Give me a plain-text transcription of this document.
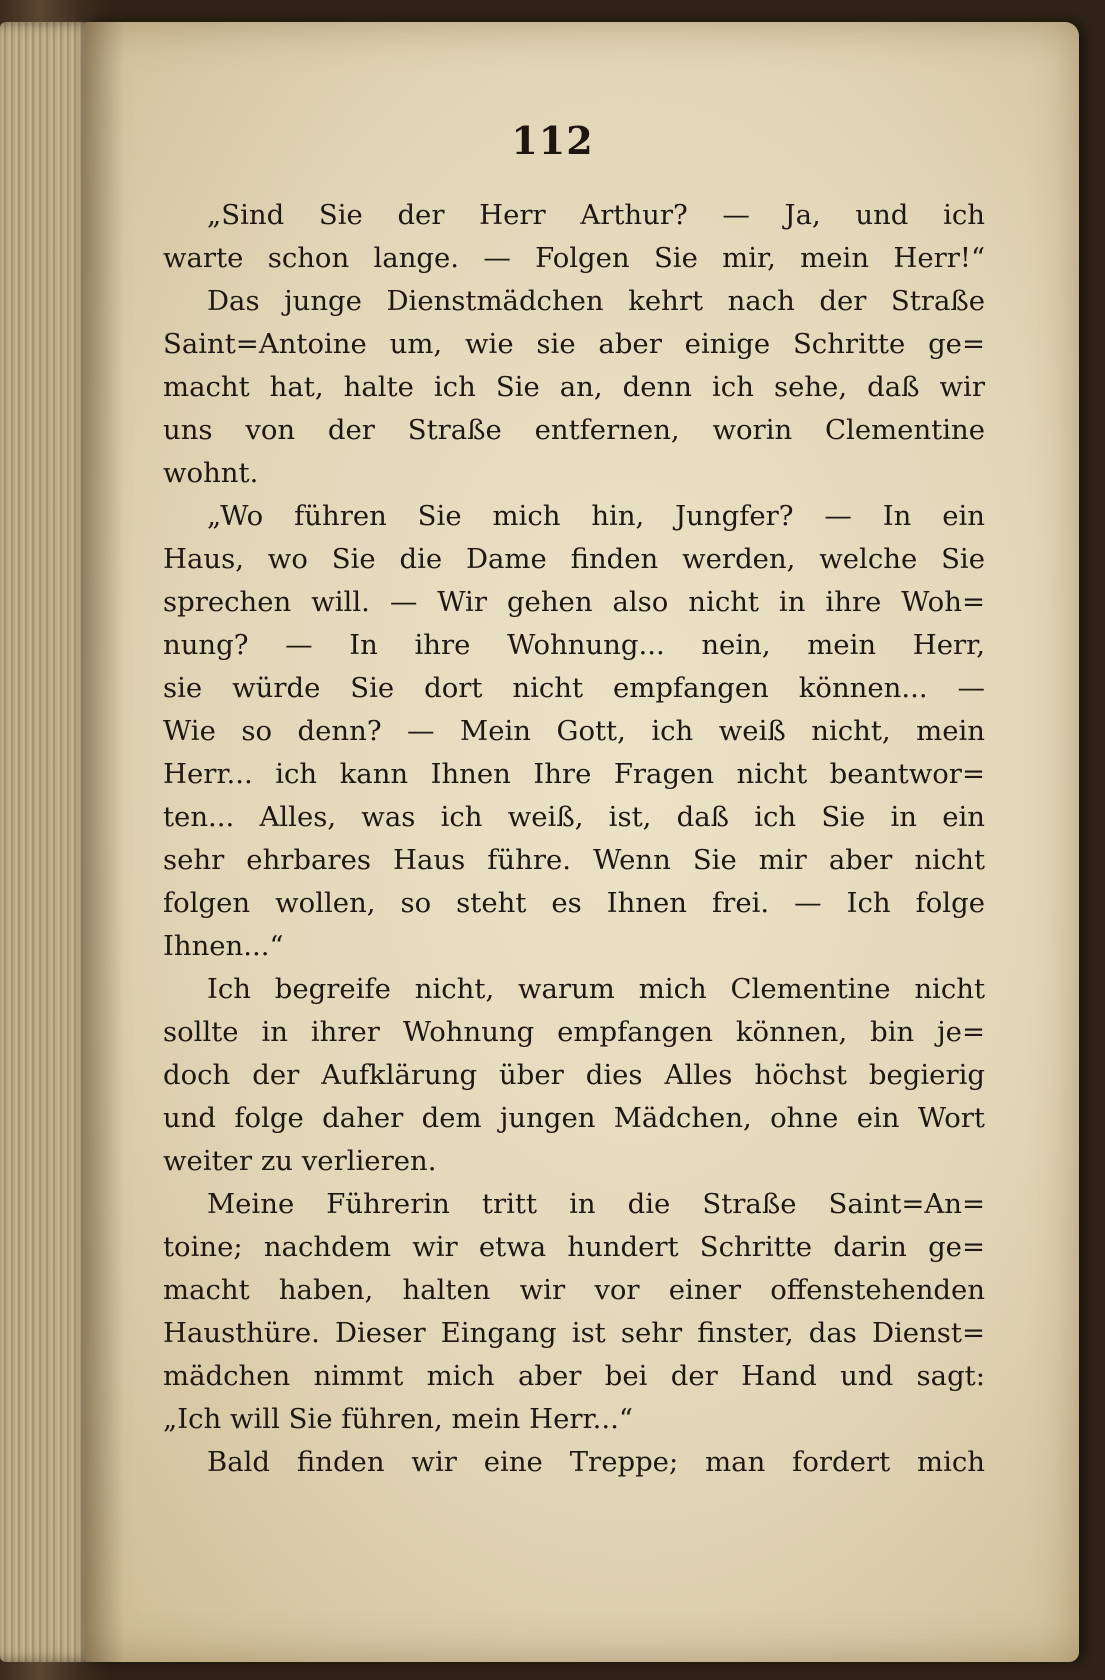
112
„Sind Sie der Herr Arthur? — Ja, und ich
warte schon lange. — Folgen Sie mir, mein Herr!“
Das junge Dienstmädchen kehrt nach der Straße
Saint=Antoine um, wie sie aber einige Schritte ge=
macht hat, halte ich Sie an, denn ich sehe, daß wir
uns von der Straße entfernen, worin Clementine
wohnt.
„Wo führen Sie mich hin, Jungfer? — In ein
Haus, wo Sie die Dame finden werden, welche Sie
sprechen will. — Wir gehen also nicht in ihre Woh=
nung? — In ihre Wohnung... nein, mein Herr,
sie würde Sie dort nicht empfangen können... —
Wie so denn? — Mein Gott, ich weiß nicht, mein
Herr... ich kann Ihnen Ihre Fragen nicht beantwor=
ten... Alles, was ich weiß, ist, daß ich Sie in ein
sehr ehrbares Haus führe. Wenn Sie mir aber nicht
folgen wollen, so steht es Ihnen frei. — Ich folge
Ihnen...“
Ich begreife nicht, warum mich Clementine nicht
sollte in ihrer Wohnung empfangen können, bin je=
doch der Aufklärung über dies Alles höchst begierig
und folge daher dem jungen Mädchen, ohne ein Wort
weiter zu verlieren.
Meine Führerin tritt in die Straße Saint=An=
toine; nachdem wir etwa hundert Schritte darin ge=
macht haben, halten wir vor einer offenstehenden
Hausthüre. Dieser Eingang ist sehr finster, das Dienst=
mädchen nimmt mich aber bei der Hand und sagt:
„Ich will Sie führen, mein Herr...“
Bald finden wir eine Treppe; man fordert mich
